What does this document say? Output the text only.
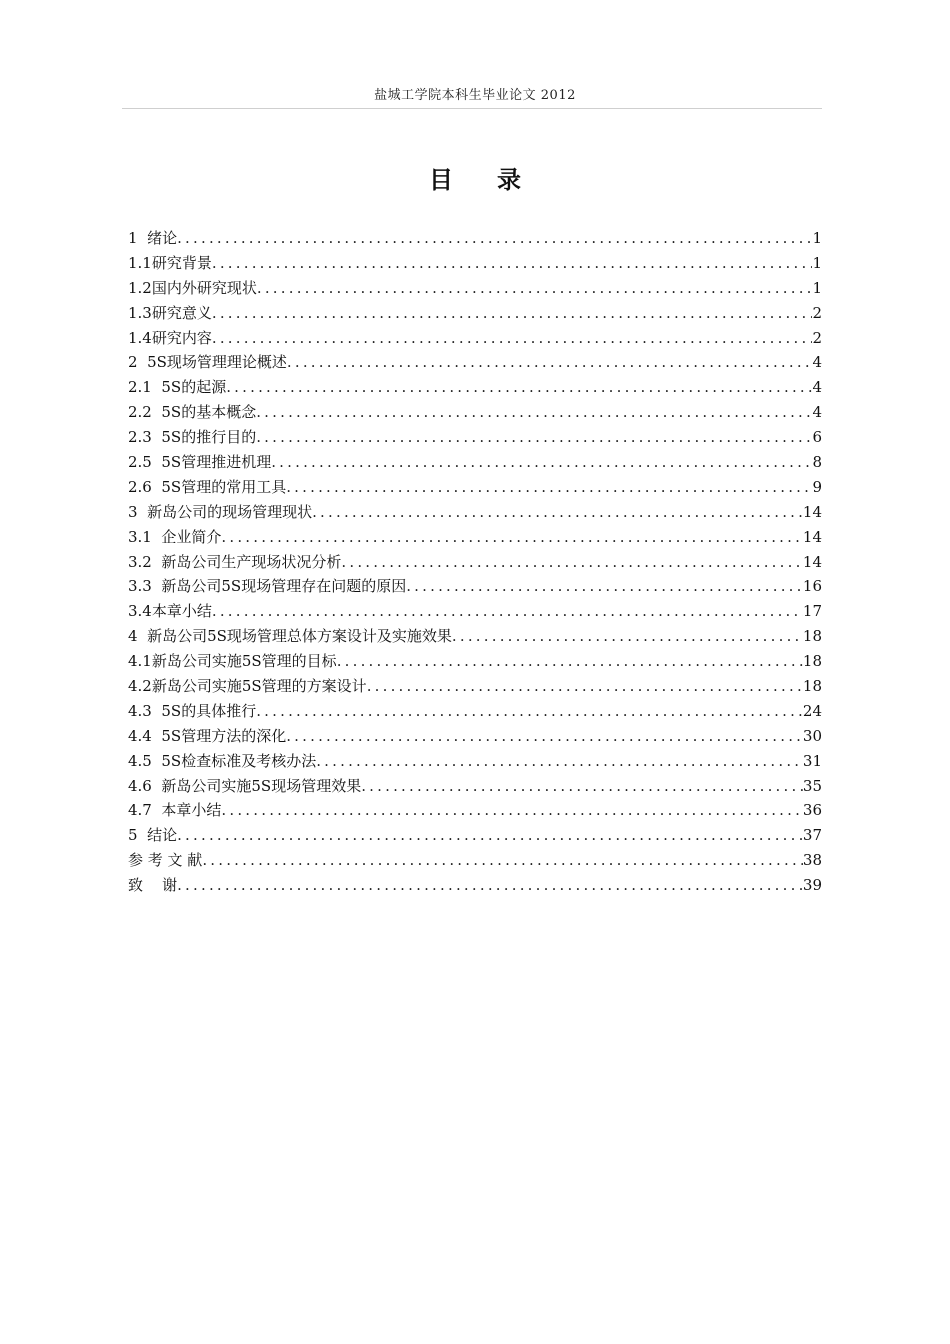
盐城工学院本科生毕业论文 2012
目录
1  绪论 .....	1
1.1研究背景 .....	1
1.2国内外研究现状 .....	1
1.3研究意义 .....	2
1.4研究内容 .....	2
2  5S现场管理理论概述 .....	4
2.1  5S的起源 .....	4
2.2  5S的基本概念 .....	4
2.3  5S的推行目的 .....	6
2.5  5S管理推进机理 .....	8
2.6  5S管理的常用工具 .....	9
3  新岛公司的现场管理现状 .....	14
3.1  企业简介 .....	14
3.2  新岛公司生产现场状况分析 .....	14
3.3  新岛公司5S现场管理存在问题的原因 .....	16
3.4本章小结 .....	17
4  新岛公司5S现场管理总体方案设计及实施效果 .....	18
4.1新岛公司实施5S管理的目标 .....	18
4.2新岛公司实施5S管理的方案设计 .....	18
4.3  5S的具体推行 .....	24
4.4  5S管理方法的深化 .....	30
4.5  5S检查标准及考核办法 .....	31
4.6  新岛公司实施5S现场管理效果 .....	35
4.7  本章小结 .....	36
5  结论 .....	37
参 考 文 献 .....	38
致    谢 .....	39
